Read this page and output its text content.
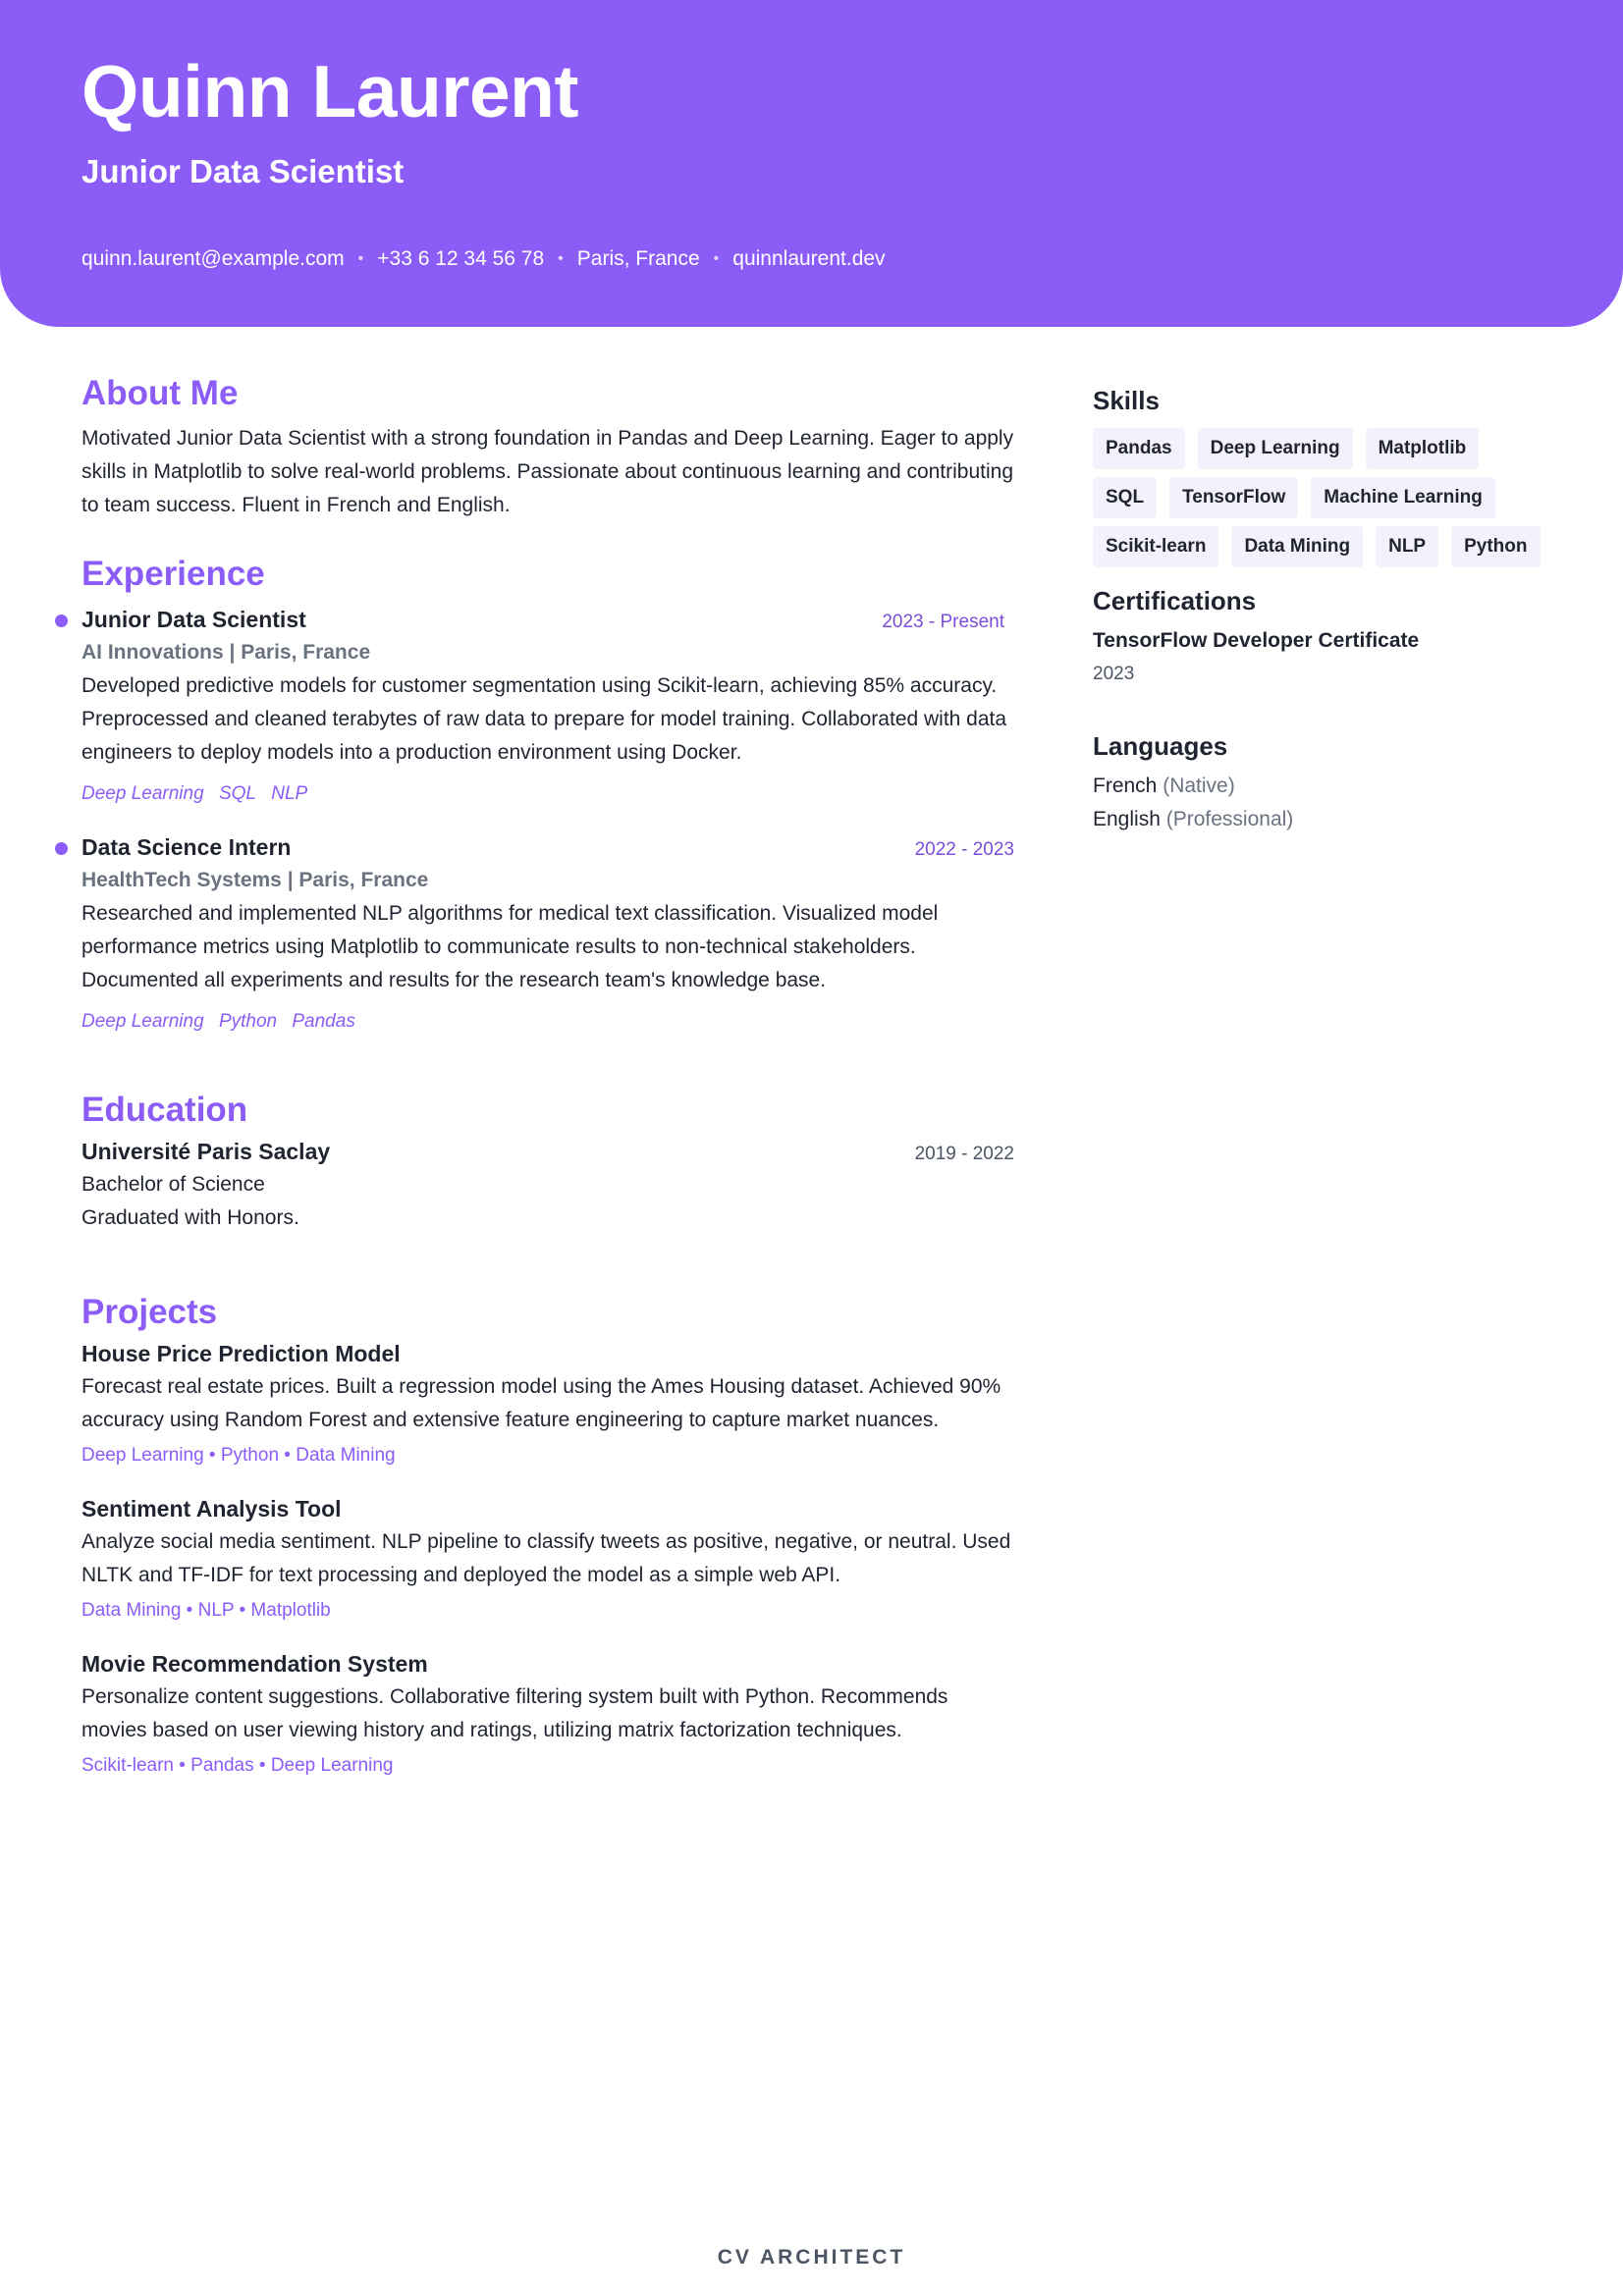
Quinn Laurent
Junior Data Scientist
quinn.laurent@example.com • +33 6 12 34 56 78 • Paris, France • quinnlaurent.dev
About Me
Motivated Junior Data Scientist with a strong foundation in Pandas and Deep Learning. Eager to apply skills in Matplotlib to solve real-world problems. Passionate about continuous learning and contributing to team success. Fluent in French and English.
Experience
Junior Data Scientist	2023 - Present
AI Innovations | Paris, France
Developed predictive models for customer segmentation using Scikit-learn, achieving 85% accuracy. Preprocessed and cleaned terabytes of raw data to prepare for model training. Collaborated with data engineers to deploy models into a production environment using Docker.
Deep Learning SQL NLP
Data Science Intern	2022 - 2023
HealthTech Systems | Paris, France
Researched and implemented NLP algorithms for medical text classification. Visualized model performance metrics using Matplotlib to communicate results to non-technical stakeholders. Documented all experiments and results for the research team's knowledge base.
Deep Learning Python Pandas
Education
Université Paris Saclay	2019 - 2022
Bachelor of Science
Graduated with Honors.
Projects
House Price Prediction Model
Forecast real estate prices. Built a regression model using the Ames Housing dataset. Achieved 90% accuracy using Random Forest and extensive feature engineering to capture market nuances.
Deep Learning • Python • Data Mining
Sentiment Analysis Tool
Analyze social media sentiment. NLP pipeline to classify tweets as positive, negative, or neutral. Used NLTK and TF-IDF for text processing and deployed the model as a simple web API.
Data Mining • NLP • Matplotlib
Movie Recommendation System
Personalize content suggestions. Collaborative filtering system built with Python. Recommends movies based on user viewing history and ratings, utilizing matrix factorization techniques.
Scikit-learn • Pandas • Deep Learning
Skills
Pandas	Deep Learning	Matplotlib
SQL	TensorFlow	Machine Learning
Scikit-learn	Data Mining	NLP	Python
Certifications
TensorFlow Developer Certificate
2023
Languages
French (Native)
English (Professional)
CV ARCHITECT
